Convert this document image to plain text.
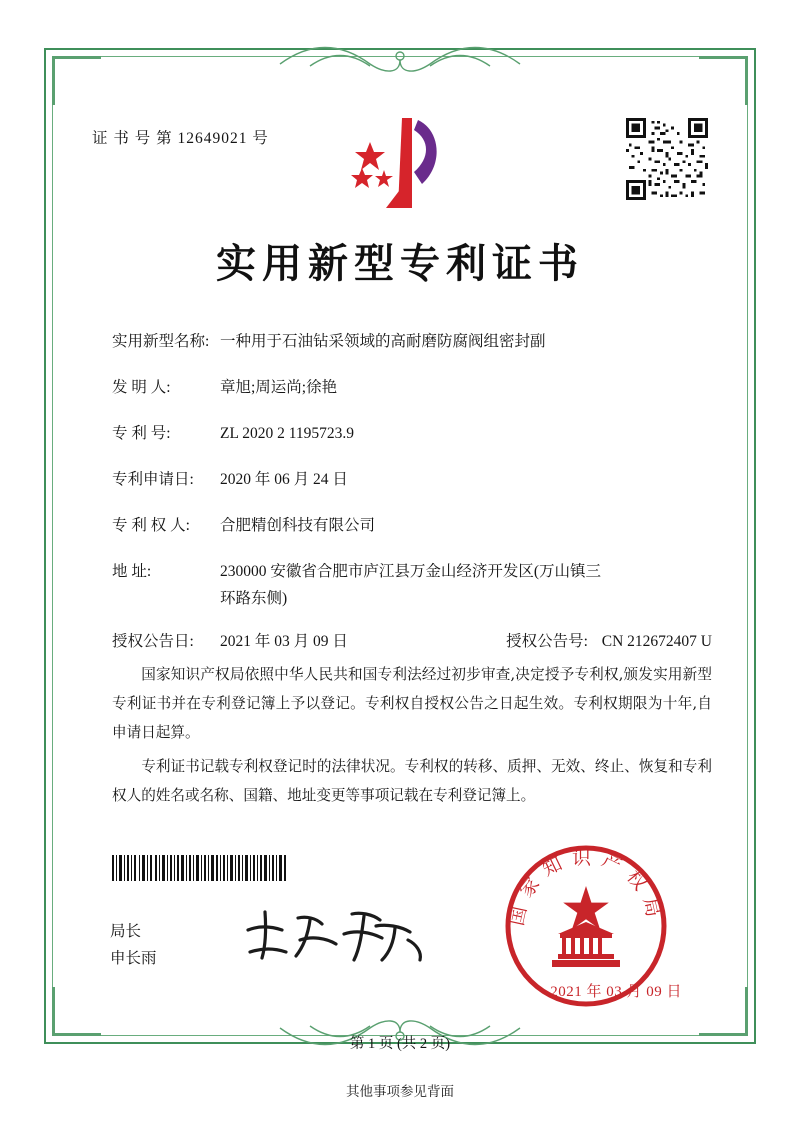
证 书 号 第 12649021 号
实用新型专利证书
实用新型名称: 一种用于石油钻采领域的高耐磨防腐阀组密封副
发 明 人:	章旭;周运尚;徐艳
专 利 号:	ZL 2020 2 1195723.9
专利申请日:	2020 年 06 月 24 日
专 利 权 人:	合肥精创科技有限公司
地 址:	230000 安徽省合肥市庐江县万金山经济开发区(万山镇三
环路东侧)
授权公告日:	2021 年 03 月 09 日	授权公告号: CN 212672407 U

国家知识产权局依照中华人民共和国专利法经过初步审查,决定授予专利权,颁发实用新型专利证书并在专利登记簿上予以登记。专利权自授权公告之日起生效。专利权期限为十年,自申请日起算。

专利证书记载专利权登记时的法律状况。专利权的转移、质押、无效、终止、恢复和专利权人的姓名或名称、国籍、地址变更等事项记载在专利登记簿上。

局长
申长雨
国家知识产权局
2021 年 03 月 09 日
第 1 页 (共 2 页)
其他事项参见背面
